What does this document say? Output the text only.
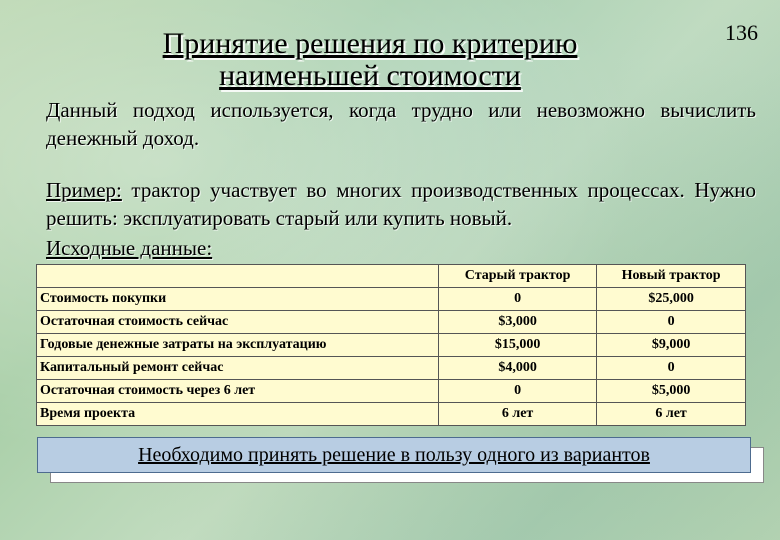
Принятие решения по критерию
наименьшей стоимости
136
Данный подход используется, когда трудно или невозможно вычислить денежный доход.
Пример: трактор участвует во многих производственных процессах. Нужно решить: эксплуатировать старый или купить новый.
Исходные данные:
	Старый трактор	Новый трактор
Стоимость покупки	0	$25,000
Остаточная стоимость сейчас	$3,000	0
Годовые денежные затраты на эксплуатацию	$15,000	$9,000
Капитальный ремонт сейчас	$4,000	0
Остаточная стоимость через 6 лет	0	$5,000
Время проекта	6 лет	6 лет
Необходимо принять решение в пользу одного из вариантов
